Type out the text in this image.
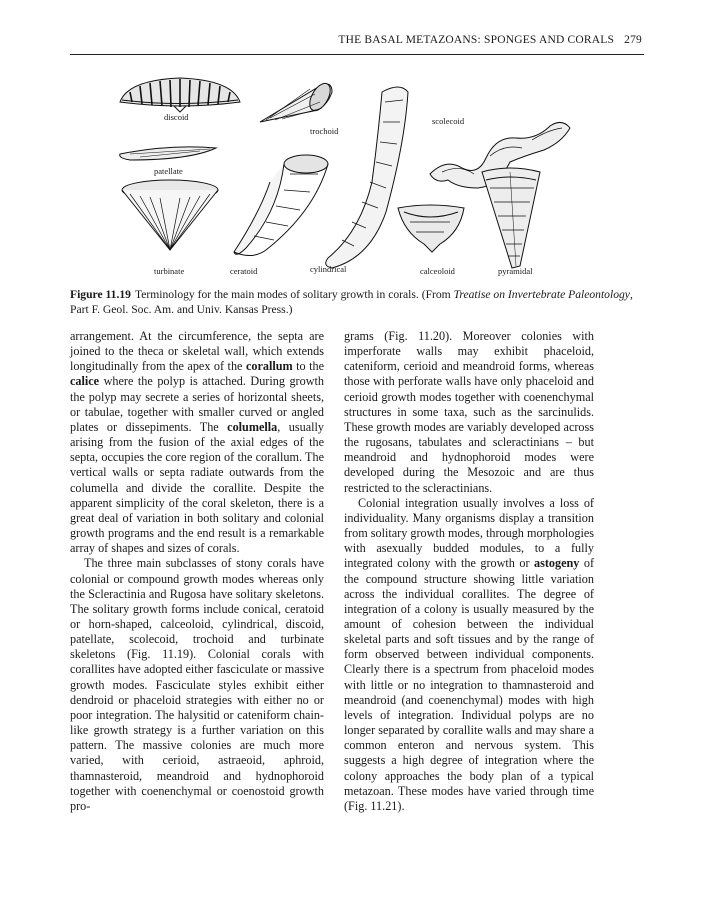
THE BASAL METAZOANS: SPONGES AND CORALS 279
discoid
trochoid
scolecoid
patellate
turbinate	ceratoid	cylindrical	calceoloid	pyramidal
Figure 11.19 Terminology for the main modes of solitary growth in corals. (From Treatise on Invertebrate Paleontology, Part F. Geol. Soc. Am. and Univ. Kansas Press.)

arrangement. At the circumference, the septa are joined to the theca or skeletal wall, which extends longitudinally from the apex of the corallum to the calice where the polyp is attached. During growth the polyp may secrete a series of horizontal sheets, or tabulae, together with smaller curved or angled plates or dissepiments. The columella, usually arising from the fusion of the axial edges of the septa, occupies the core region of the corallum. The vertical walls or septa radiate outwards from the columella and divide the corallite. Despite the apparent simplicity of the coral skeleton, there is a great deal of variation in both solitary and colonial growth programs and the end result is a remarkable array of shapes and sizes of corals.

The three main subclasses of stony corals have colonial or compound growth modes whereas only the Scleractinia and Rugosa have solitary skeletons. The solitary growth forms include conical, ceratoid or horn-shaped, calceoloid, cylindrical, discoid, patellate, scolecoid, trochoid and turbinate skeletons (Fig. 11.19). Colonial corals with corallites have adopted either fasciculate or massive growth modes. Fasciculate styles exhibit either dendroid or phaceloid strategies with either no or poor integration. The halysitid or cateniform chain-like growth strategy is a further variation on this pattern. The massive colonies are much more varied, with cerioid, astraeoid, aphroid, thamnasteroid, meandroid and hydnophoroid together with coenenchymal or coenostoid growth pro-

grams (Fig. 11.20). Moreover colonies with imperforate walls may exhibit phaceloid, cateniform, cerioid and meandroid forms, whereas those with perforate walls have only phaceloid and cerioid growth modes together with coenenchymal structures in some taxa, such as the sarcinulids. These growth modes are variably developed across the rugosans, tabulates and scleractinians – but meandroid and hydnophoroid modes were developed during the Mesozoic and are thus restricted to the scleractinians.

Colonial integration usually involves a loss of individuality. Many organisms display a transition from solitary growth modes, through morphologies with asexually budded modules, to a fully integrated colony with the growth or astogeny of the compound structure showing little variation across the individual corallites. The degree of integration of a colony is usually measured by the amount of cohesion between the individual skeletal parts and soft tissues and by the range of form observed between individual components. Clearly there is a spectrum from phaceloid modes with little or no integration to thamnasteroid and meandroid (and coenenchymal) modes with high levels of integration. Individual polyps are no longer separated by corallite walls and may share a common enteron and nervous system. This suggests a high degree of integration where the colony approaches the body plan of a typical metazoan. These modes have varied through time (Fig. 11.21).
